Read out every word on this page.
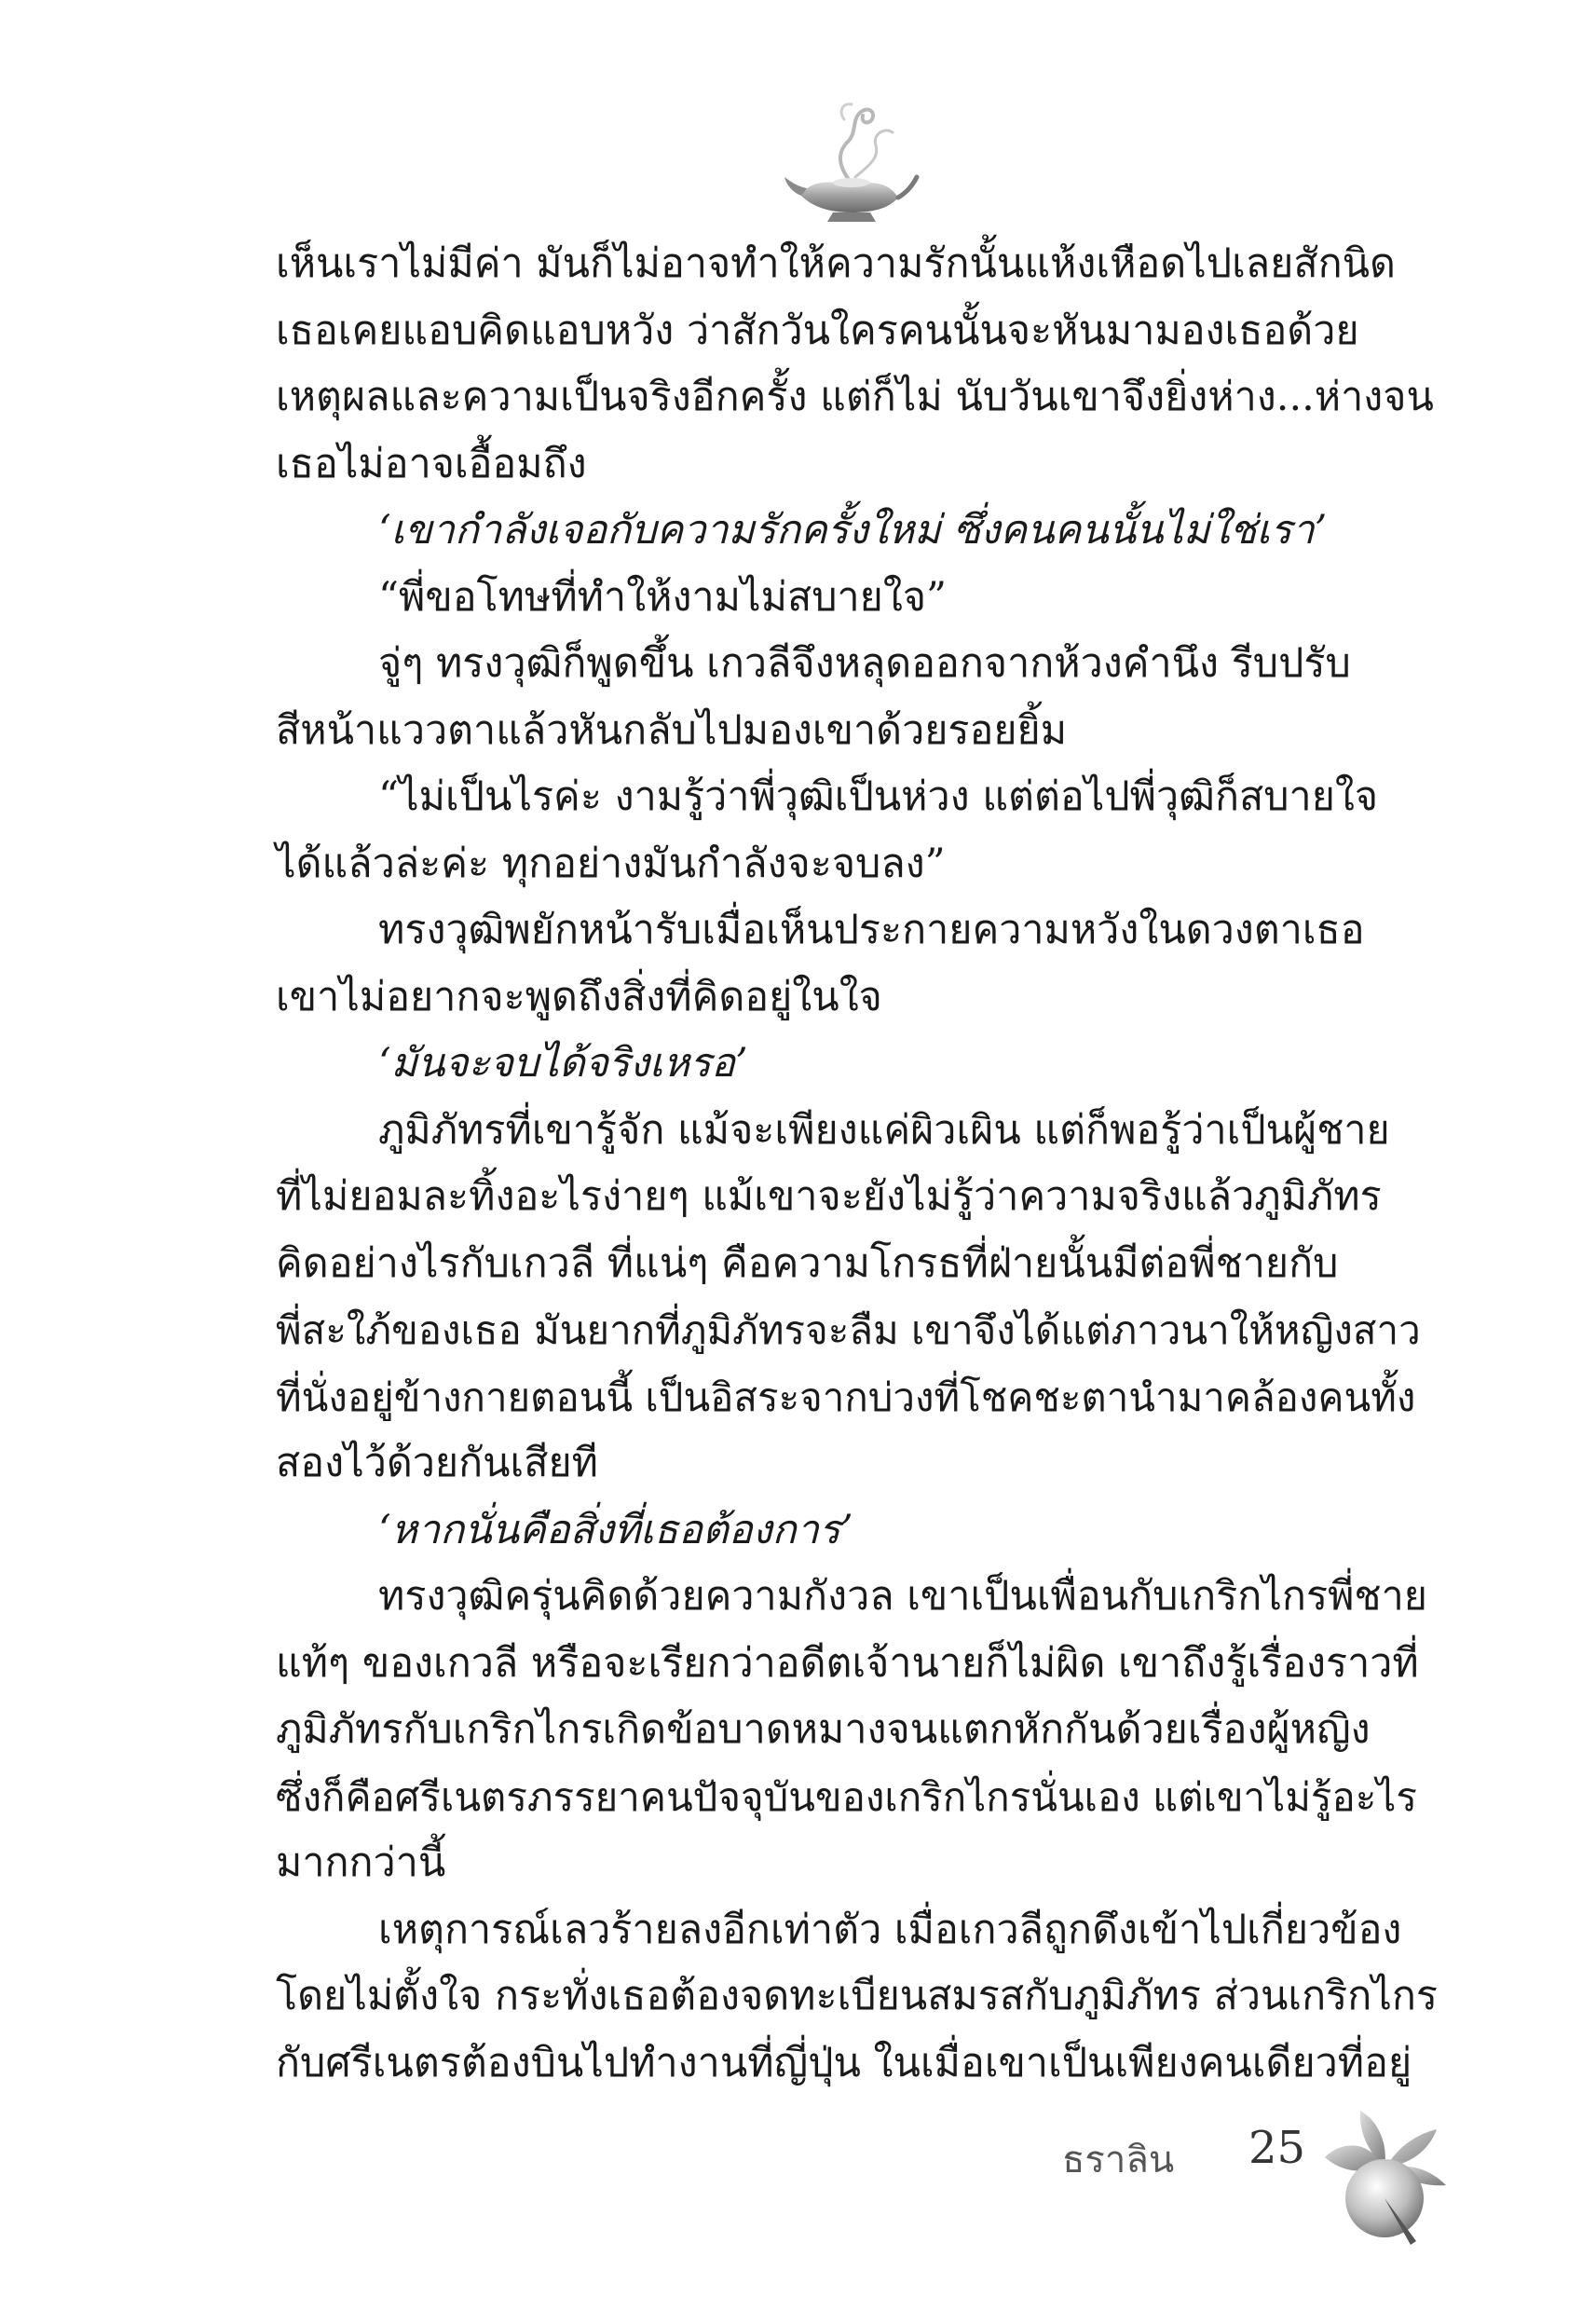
เห็นเราไม่มีค่า มันก็ไม่อาจทำให้ความรักนั้นแห้งเหือดไปเลยสักนิด

เธอเคยแอบคิดแอบหวัง ว่าสักวันใครคนนั้นจะหันมามองเธอด้วย

เหตุผลและความเป็นจริงอีกครั้ง แต่ก็ไม่ นับวันเขาจึงยิ่งห่าง...ห่างจน

เธอไม่อาจเอื้อมถึง

‘เขากำลังเจอกับความรักครั้งใหม่ ซึ่งคนคนนั้นไม่ใช่เรา’

“พี่ขอโทษที่ทำให้งามไม่สบายใจ”

จู่ๆ ทรงวุฒิก็พูดขึ้น เกวลีจึงหลุดออกจากห้วงคำนึง รีบปรับ

สีหน้าแววตาแล้วหันกลับไปมองเขาด้วยรอยยิ้ม

“ไม่เป็นไรค่ะ งามรู้ว่าพี่วุฒิเป็นห่วง แต่ต่อไปพี่วุฒิก็สบายใจ

ได้แล้วล่ะค่ะ ทุกอย่างมันกำลังจะจบลง”

ทรงวุฒิพยักหน้ารับเมื่อเห็นประกายความหวังในดวงตาเธอ

เขาไม่อยากจะพูดถึงสิ่งที่คิดอยู่ในใจ

‘มันจะจบได้จริงเหรอ’

ภูมิภัทรที่เขารู้จัก แม้จะเพียงแค่ผิวเผิน แต่ก็พอรู้ว่าเป็นผู้ชาย

ที่ไม่ยอมละทิ้งอะไรง่ายๆ แม้เขาจะยังไม่รู้ว่าความจริงแล้วภูมิภัทร

คิดอย่างไรกับเกวลี ที่แน่ๆ คือความโกรธที่ฝ่ายนั้นมีต่อพี่ชายกับ

พี่สะใภ้ของเธอ มันยากที่ภูมิภัทรจะลืม เขาจึงได้แต่ภาวนาให้หญิงสาว

ที่นั่งอยู่ข้างกายตอนนี้ เป็นอิสระจากบ่วงที่โชคชะตานำมาคล้องคนทั้ง

สองไว้ด้วยกันเสียที

‘หากนั่นคือสิ่งที่เธอต้องการ’

ทรงวุฒิครุ่นคิดด้วยความกังวล เขาเป็นเพื่อนกับเกริกไกรพี่ชาย

แท้ๆ ของเกวลี หรือจะเรียกว่าอดีตเจ้านายก็ไม่ผิด เขาถึงรู้เรื่องราวที่

ภูมิภัทรกับเกริกไกรเกิดข้อบาดหมางจนแตกหักกันด้วยเรื่องผู้หญิง

ซึ่งก็คือศรีเนตรภรรยาคนปัจจุบันของเกริกไกรนั่นเอง แต่เขาไม่รู้อะไร

มากกว่านี้

เหตุการณ์เลวร้ายลงอีกเท่าตัว เมื่อเกวลีถูกดึงเข้าไปเกี่ยวข้อง

โดยไม่ตั้งใจ กระทั่งเธอต้องจดทะเบียนสมรสกับภูมิภัทร ส่วนเกริกไกร

กับศรีเนตรต้องบินไปทำงานที่ญี่ปุ่น ในเมื่อเขาเป็นเพียงคนเดียวที่อยู่

ธราลิน 25
